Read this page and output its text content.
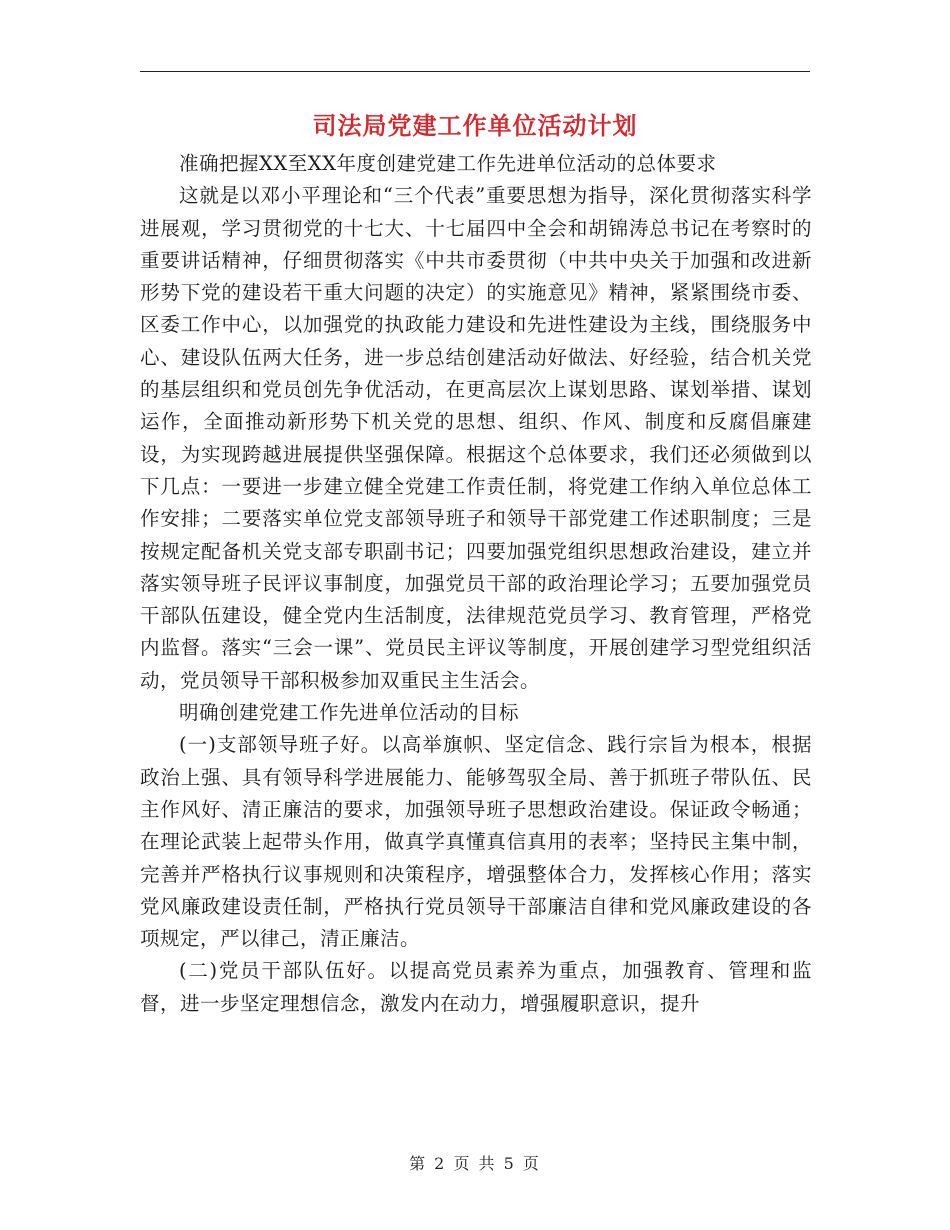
司法局党建工作单位活动计划

准确把握XX至XX年度创建党建工作先进单位活动的总体要求

这就是以邓小平理论和“三个代表”重要思想为指导，深化贯彻落实科学进展观，学习贯彻党的十七大、十七届四中全会和胡锦涛总书记在考察时的重要讲话精神，仔细贯彻落实《中共市委贯彻（中共中央关于加强和改进新形势下党的建设若干重大问题的决定）的实施意见》精神，紧紧围绕市委、区委工作中心，以加强党的执政能力建设和先进性建设为主线，围绕服务中心、建设队伍两大任务，进一步总结创建活动好做法、好经验，结合机关党的基层组织和党员创先争优活动，在更高层次上谋划思路、谋划举措、谋划运作，全面推动新形势下机关党的思想、组织、作风、制度和反腐倡廉建设，为实现跨越进展提供坚强保障。根据这个总体要求，我们还必须做到以下几点：一要进一步建立健全党建工作责任制，将党建工作纳入单位总体工作安排；二要落实单位党支部领导班子和领导干部党建工作述职制度；三是按规定配备机关党支部专职副书记；四要加强党组织思想政治建设，建立并落实领导班子民评议事制度，加强党员干部的政治理论学习；五要加强党员干部队伍建设，健全党内生活制度，法律规范党员学习、教育管理，严格党内监督。落实“三会一课”、党员民主评议等制度，开展创建学习型党组织活动，党员领导干部积极参加双重民主生活会。

明确创建党建工作先进单位活动的目标

(一)支部领导班子好。以高举旗帜、坚定信念、践行宗旨为根本，根据政治上强、具有领导科学进展能力、能够驾驭全局、善于抓班子带队伍、民主作风好、清正廉洁的要求，加强领导班子思想政治建设。保证政令畅通；在理论武装上起带头作用，做真学真懂真信真用的表率；坚持民主集中制，完善并严格执行议事规则和决策程序，增强整体合力，发挥核心作用；落实党风廉政建设责任制，严格执行党员领导干部廉洁自律和党风廉政建设的各项规定，严以律己，清正廉洁。

(二)党员干部队伍好。以提高党员素养为重点，加强教育、管理和监督，进一步坚定理想信念，激发内在动力，增强履职意识，提升

第 2 页 共 5 页
